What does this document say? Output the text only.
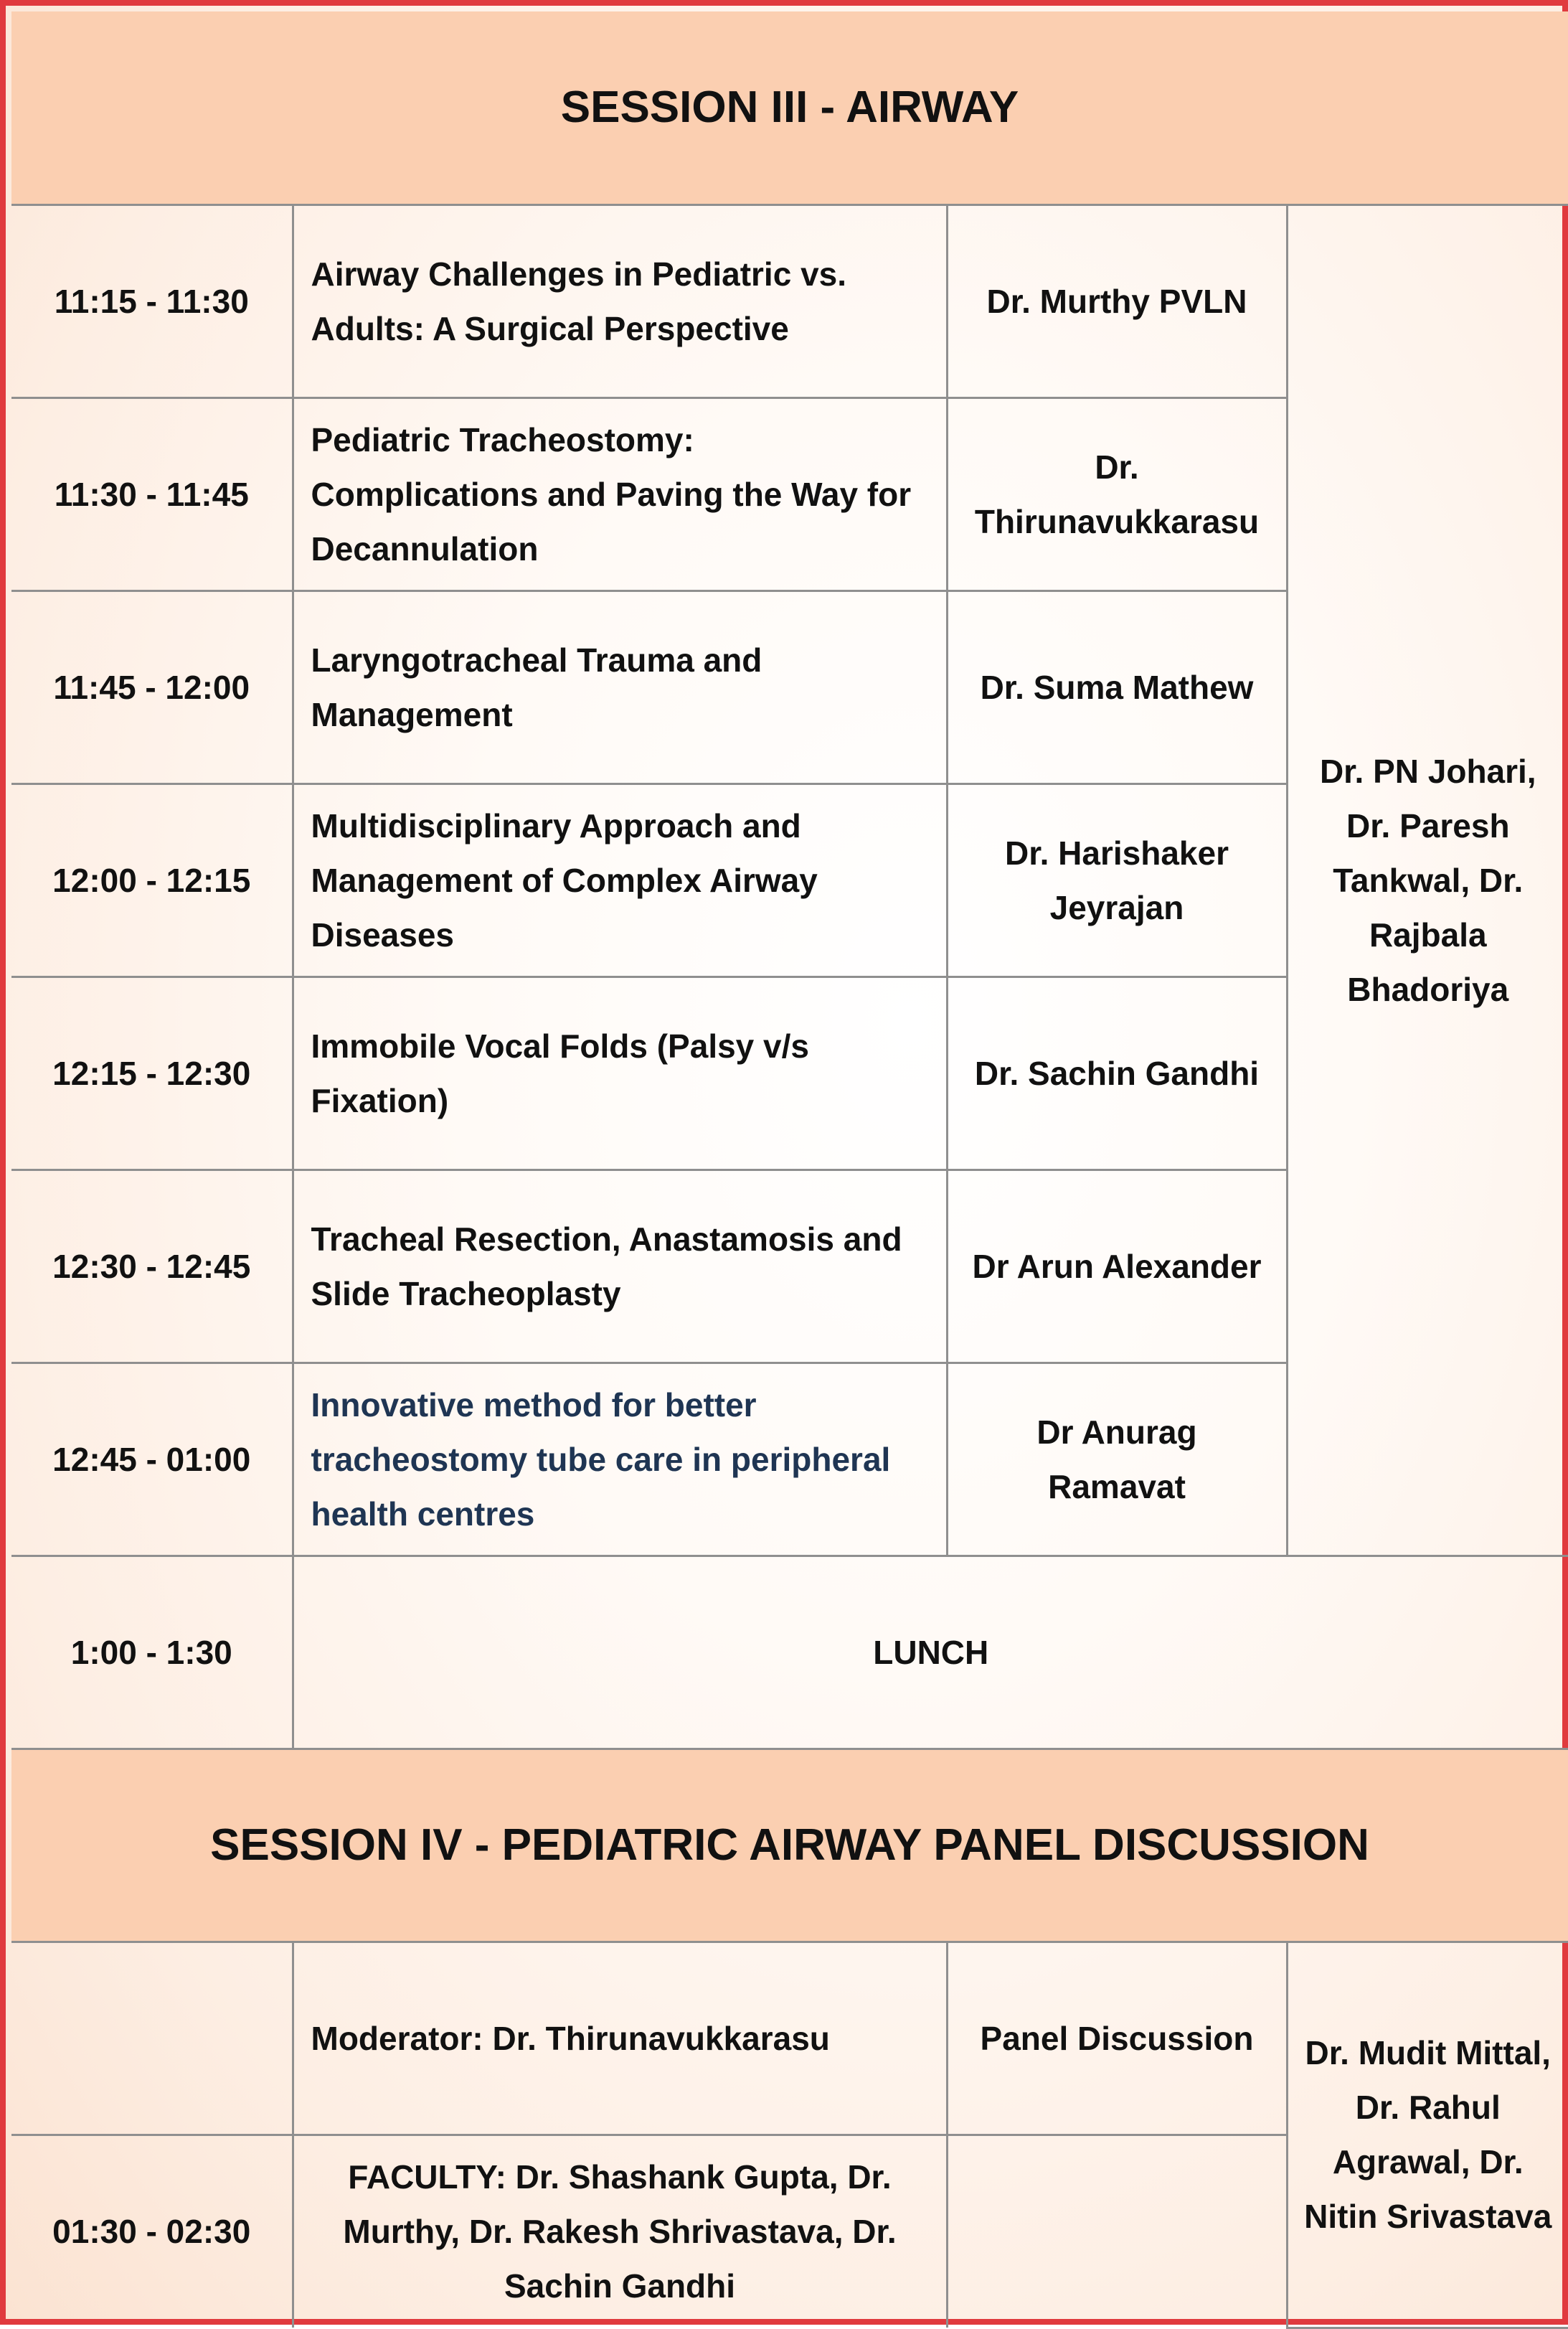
SESSION III - AIRWAY			
11:15 - 11:30	Airway Challenges in Pediatric vs. Adults: A Surgical Perspective	Dr. Murthy PVLN	Dr. PN Johari, Dr. Paresh Tankwal, Dr. Rajbala Bhadoriya
11:30 - 11:45	Pediatric Tracheostomy: Complications and Paving the Way for Decannulation	Dr. Thirunavukkarasu	
11:45 - 12:00	Laryngotracheal Trauma and Management	Dr. Suma Mathew	
12:00 - 12:15	Multidisciplinary Approach and Management of Complex Airway Diseases	Dr. Harishaker Jeyrajan	
12:15 - 12:30	Immobile Vocal Folds (Palsy v/s Fixation)	Dr. Sachin Gandhi	
12:30 - 12:45	Tracheal Resection, Anastamosis and Slide Tracheoplasty	Dr Arun Alexander	
12:45 - 01:00	Innovative method for better tracheostomy tube care in peripheral health centres	Dr Anurag Ramavat	
1:00 - 1:30	LUNCH		
SESSION IV - PEDIATRIC AIRWAY PANEL DISCUSSION			
	Moderator: Dr. Thirunavukkarasu	Panel Discussion	Dr. Mudit Mittal, Dr. Rahul Agrawal, Dr. Nitin Srivastava
01:30 - 02:30	FACULTY: Dr. Shashank Gupta, Dr. Murthy, Dr. Rakesh Shrivastava, Dr. Sachin Gandhi		
